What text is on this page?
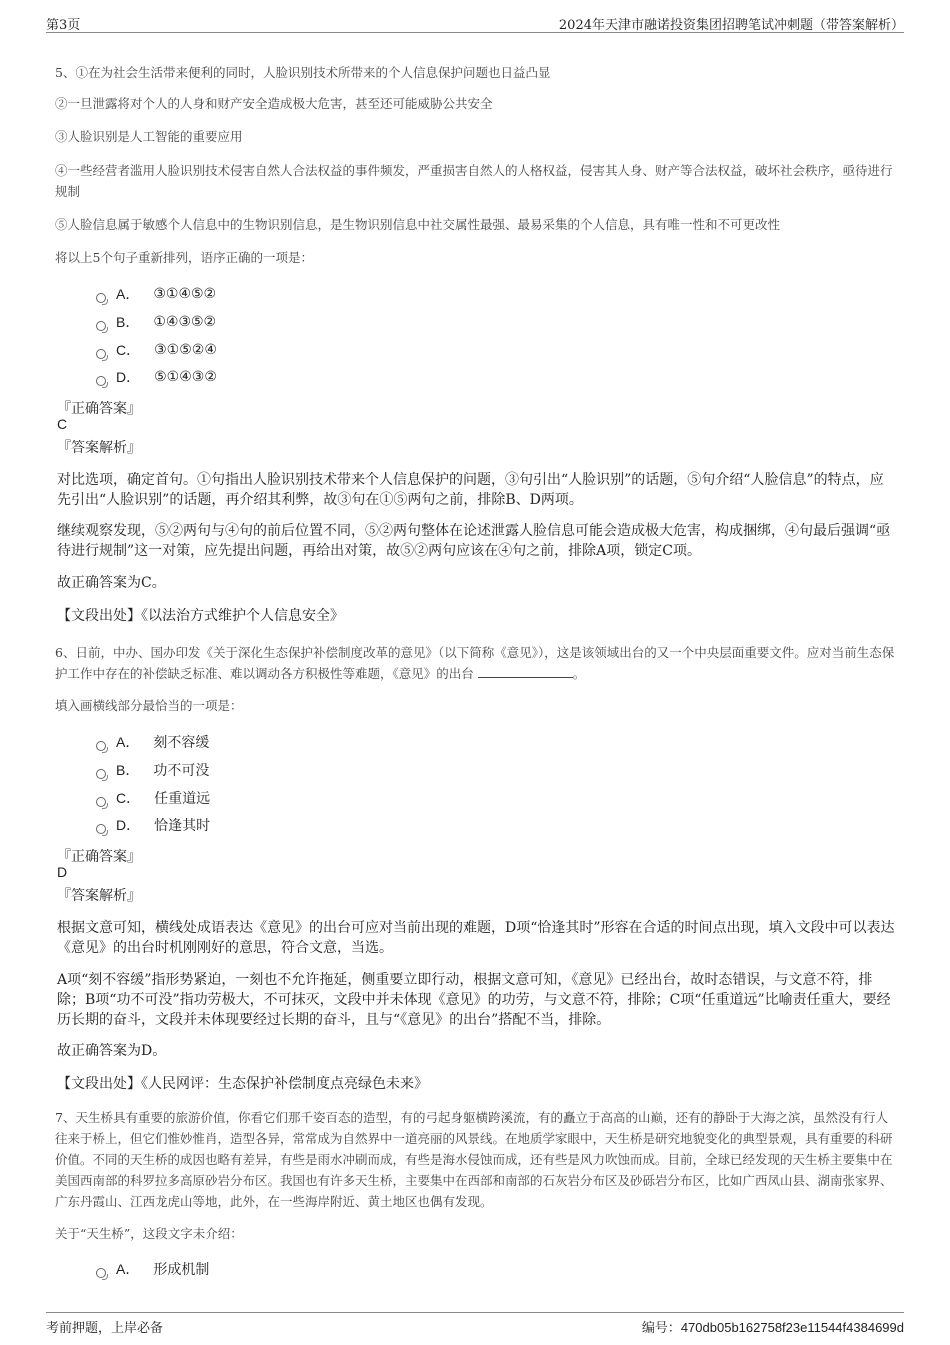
第3页	2024年天津市融诺投资集团招聘笔试冲刺题（带答案解析）

5、①在为社会生活带来便利的同时，人脸识别技术所带来的个人信息保护问题也日益凸显

②一旦泄露将对个人的人身和财产安全造成极大危害，甚至还可能威胁公共安全

③人脸识别是人工智能的重要应用

④一些经营者滥用人脸识别技术侵害自然人合法权益的事件频发，严重损害自然人的人格权益，侵害其人身、财产等合法权益，破坏社会秩序，亟待进行规制

⑤人脸信息属于敏感个人信息中的生物识别信息，是生物识别信息中社交属性最强、最易采集的个人信息，具有唯一性和不可更改性

将以上5个句子重新排列，语序正确的一项是：

A． ③①④⑤②
B． ①④③⑤②
C． ③①⑤②④
D． ⑤①④③②
『正确答案』
C
『答案解析』

对比选项，确定首句。①句指出人脸识别技术带来个人信息保护的问题，③句引出“人脸识别”的话题，⑤句介绍“人脸信息”的特点，应先引出“人脸识别”的话题，再介绍其利弊，故③句在①⑤两句之前，排除B、D两项。

继续观察发现，⑤②两句与④句的前后位置不同，⑤②两句整体在论述泄露人脸信息可能会造成极大危害，构成捆绑，④句最后强调“亟待进行规制”这一对策，应先提出问题，再给出对策，故⑤②两句应该在④句之前，排除A项，锁定C项。

故正确答案为C。

【文段出处】《以法治方式维护个人信息安全》

6、日前，中办、国办印发《关于深化生态保护补偿制度改革的意见》（以下简称《意见》），这是该领域出台的又一个中央层面重要文件。应对当前生态保护工作中存在的补偿缺乏标准、难以调动各方积极性等难题，《意见》的出台	。

填入画横线部分最恰当的一项是：

A． 刻不容缓
B． 功不可没
C． 任重道远
D． 恰逢其时
『正确答案』
D
『答案解析』

根据文意可知，横线处成语表达《意见》的出台可应对当前出现的难题，D项“恰逢其时”形容在合适的时间点出现，填入文段中可以表达《意见》的出台时机刚刚好的意思，符合文意，当选。

A项“刻不容缓”指形势紧迫，一刻也不允许拖延，侧重要立即行动，根据文意可知，《意见》已经出台，故时态错误，与文意不符，排除；B项“功不可没”指功劳极大，不可抹灭，文段中并未体现《意见》的功劳，与文意不符，排除；C项“任重道远”比喻责任重大，要经历长期的奋斗，文段并未体现要经过长期的奋斗，且与“《意见》的出台”搭配不当，排除。

故正确答案为D。

【文段出处】《人民网评：生态保护补偿制度点亮绿色未来》

7、天生桥具有重要的旅游价值，你看它们那千姿百态的造型，有的弓起身躯横跨溪流，有的矗立于高高的山巅，还有的静卧于大海之滨，虽然没有行人往来于桥上，但它们惟妙惟肖，造型各异，常常成为自然界中一道亮丽的风景线。在地质学家眼中，天生桥是研究地貌变化的典型景观，具有重要的科研价值。不同的天生桥的成因也略有差异，有些是雨水冲刷而成，有些是海水侵蚀而成，还有些是风力吹蚀而成。目前，全球已经发现的天生桥主要集中在美国西南部的科罗拉多高原砂岩分布区。我国也有许多天生桥，主要集中在西部和南部的石灰岩分布区及砂砾岩分布区，比如广西凤山县、湖南张家界、广东丹霞山、江西龙虎山等地，此外，在一些海岸附近、黄土地区也偶有发现。

关于“天生桥”，这段文字未介绍：

A． 形成机制
考前押题，上岸必备	编号：470db05b162758f23e11544f4384699d
